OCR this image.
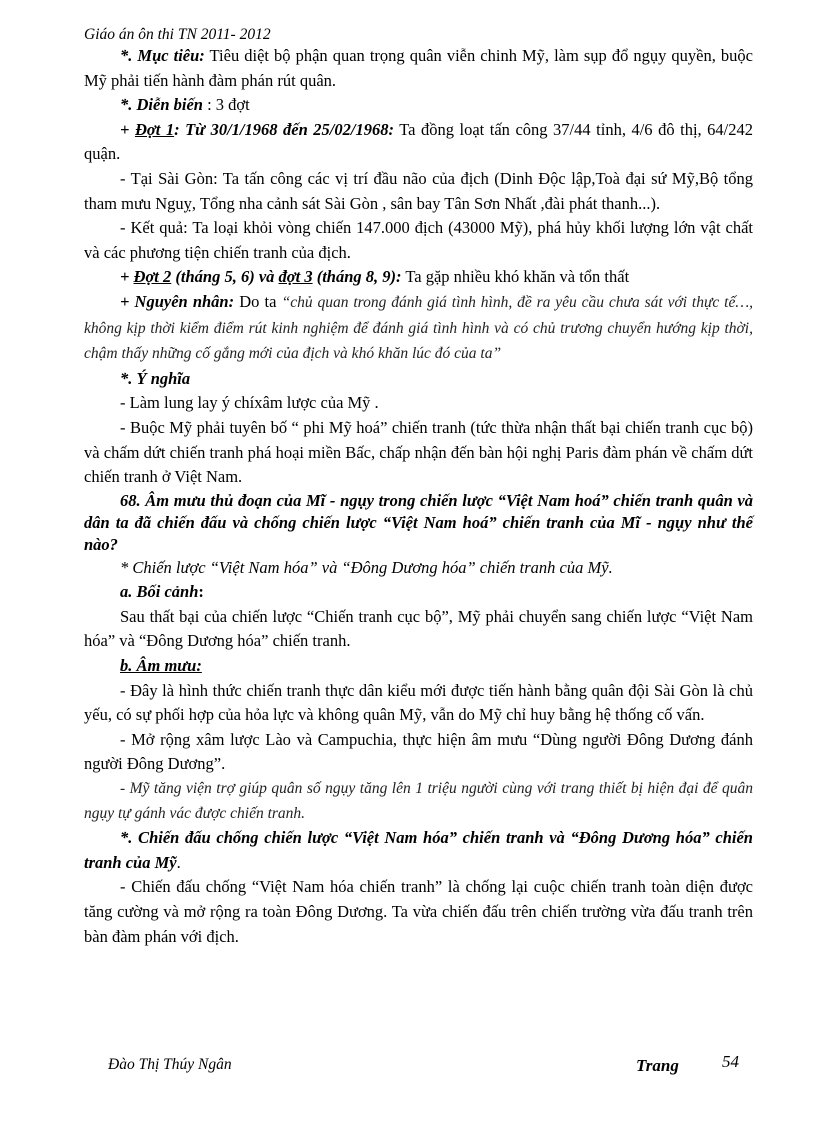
Giáo án ôn thi TN 2011- 2012

*. Mục tiêu: Tiêu diệt bộ phận quan trọng quân viễn chinh Mỹ, làm sụp đổ ngụy quyền, buộc Mỹ phải tiến hành đàm phán rút quân.

*. Diễn biến : 3 đợt

+ Đợt 1: Từ 30/1/1968 đến 25/02/1968: Ta đồng loạt tấn công 37/44 tỉnh, 4/6 đô thị, 64/242 quận.

- Tại Sài Gòn: Ta tấn công các vị trí đầu não của địch (Dinh Độc lập,Toà đại sứ Mỹ,Bộ tổng tham mưu Nguỵ, Tổng nha cảnh sát Sài Gòn , sân bay Tân Sơn Nhất ,đài phát thanh...).

- Kết quả: Ta loại khỏi vòng chiến 147.000 địch (43000 Mỹ), phá hủy khối lượng lớn vật chất và các phương tiện chiến tranh của địch.

+ Đợt 2 (tháng 5, 6) và đợt 3 (tháng 8, 9): Ta gặp nhiều khó khăn và tổn thất

+ Nguyên nhân: Do ta “chủ quan trong đánh giá tình hình, đề ra yêu cầu chưa sát với thực tế…, không kịp thời kiểm điểm rút kinh nghiệm để đánh giá tình hình và có chủ trương chuyển hướng kịp thời, chậm thấy những cố gắng mới của địch và khó khăn lúc đó của ta”

*. Ý nghĩa

- Làm lung lay ý chíxâm lược của Mỹ .

- Buộc Mỹ phải tuyên bố “ phi Mỹ hoá” chiến tranh (tức thừa nhận thất bại chiến tranh cục bộ) và chấm dứt chiến tranh phá hoại miền Bấc, chấp nhận đến bàn hội nghị Paris đàm phán về chấm dứt chiến tranh ở Việt Nam.

68. Âm mưu thủ đoạn của Mĩ - ngụy trong chiến lược “Việt Nam hoá” chiến tranh quân và dân ta đã chiến đấu và chống chiến lược “Việt Nam hoá” chiến tranh của Mĩ - ngụy như thế nào?

* Chiến lược “Việt Nam hóa” và “Đông Dương hóa” chiến tranh của Mỹ.

a. Bối cảnh:

Sau thất bại của chiến lược “Chiến tranh cục bộ”, Mỹ phải chuyển sang chiến lược “Việt Nam hóa” và “Đông Dương hóa” chiến tranh.

b. Âm mưu:

- Đây là hình thức chiến tranh thực dân kiểu mới được tiến hành bằng quân đội Sài Gòn là chủ yếu, có sự phối hợp của hỏa lực và không quân Mỹ, vẫn do Mỹ chỉ huy bằng hệ thống cố vấn.

- Mở rộng xâm lược Lào và Campuchia, thực hiện âm mưu “Dùng người Đông Dương đánh người Đông Dương”.

- Mỹ tăng viện trợ giúp quân số ngụy tăng lên 1 triệu người cùng với trang thiết bị hiện đại để quân ngụy tự gánh vác được chiến tranh.

*. Chiến đấu chống chiến lược “Việt Nam hóa” chiến tranh và “Đông Dương hóa” chiến tranh của Mỹ.

- Chiến đấu chống “Việt Nam hóa chiến tranh” là chống lại cuộc chiến tranh toàn diện được tăng cường và mở rộng ra toàn Đông Dương. Ta vừa chiến đấu trên chiến trường vừa đấu tranh trên bàn đàm phán với địch.

Đào Thị Thúy Ngân	Trang	54
